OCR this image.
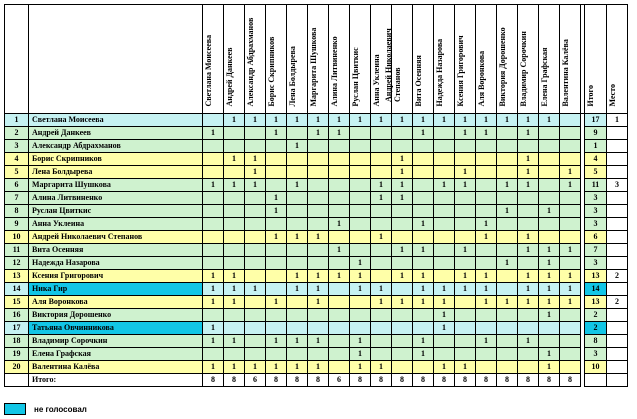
		Светлана Моисеева	Андрей Данкеев	Александр Абдрахманов	Борис Скрипников	Лена Болдырева	Маргарита Шушкова	Алина Литвиненко	Руслан Цвиткис	Анна Уклеина	Андрей Николаевич Степанов	Вита Осенняя	Надежда Назарова	Ксения Григорович	Аля Воронкова	Виктория Дорошенко	Владимир Сорочкин	Елена Графская	Валентина Калёва		Итого	Место

1	Светлана Моисеева		1	1	1	1	1	1	1	1	1	1	1	1	1	1	1	1			17	1
2	Андрей Данкеев	1			1		1	1				1		1	1		1				9	
3	Александр Абдрахманов					1															1	
4	Борис Скрипников		1	1							1						1				4	
5	Лена Болдырева			1							1			1			1		1		5	
6	Маргарита Шушкова	1	1	1		1				1	1		1	1		1	1		1		11	3
7	Алина Литвиненко				1					1	1										3	
8	Руслан Цвиткис				1											1		1			3	
9	Анна Уклеина							1				1			1						3	
10	Андрей Николаевич Степанов				1	1	1			1					1		1				6	
11	Вита Осенняя							1			1	1		1			1	1	1		7	
12	Надежда Назарова								1							1		1			3	
13	Ксения Григорович	1	1			1	1	1	1		1	1		1	1		1	1	1		13	2
14	Ника Гир	1	1	1		1	1		1	1		1	1	1	1		1	1	1		14	
15	Аля Воронкова	1	1		1		1			1	1	1	1		1	1	1	1	1		13	2
16	Виктория Дорошенко												1					1			2	
17	Татьяна Овчинникова	1											1								2	
18	Владимир Сорочкин	1	1		1	1	1		1			1			1		1				8	
19	Елена Графская								1			1						1			3	
20	Валентина Калёва	1	1	1	1	1	1		1	1			1	1				1			10	
	Итого:	8	8	6	8	8	8	6	8	8	8	8	8	8	8	8	8	8	8			
не голосовал
